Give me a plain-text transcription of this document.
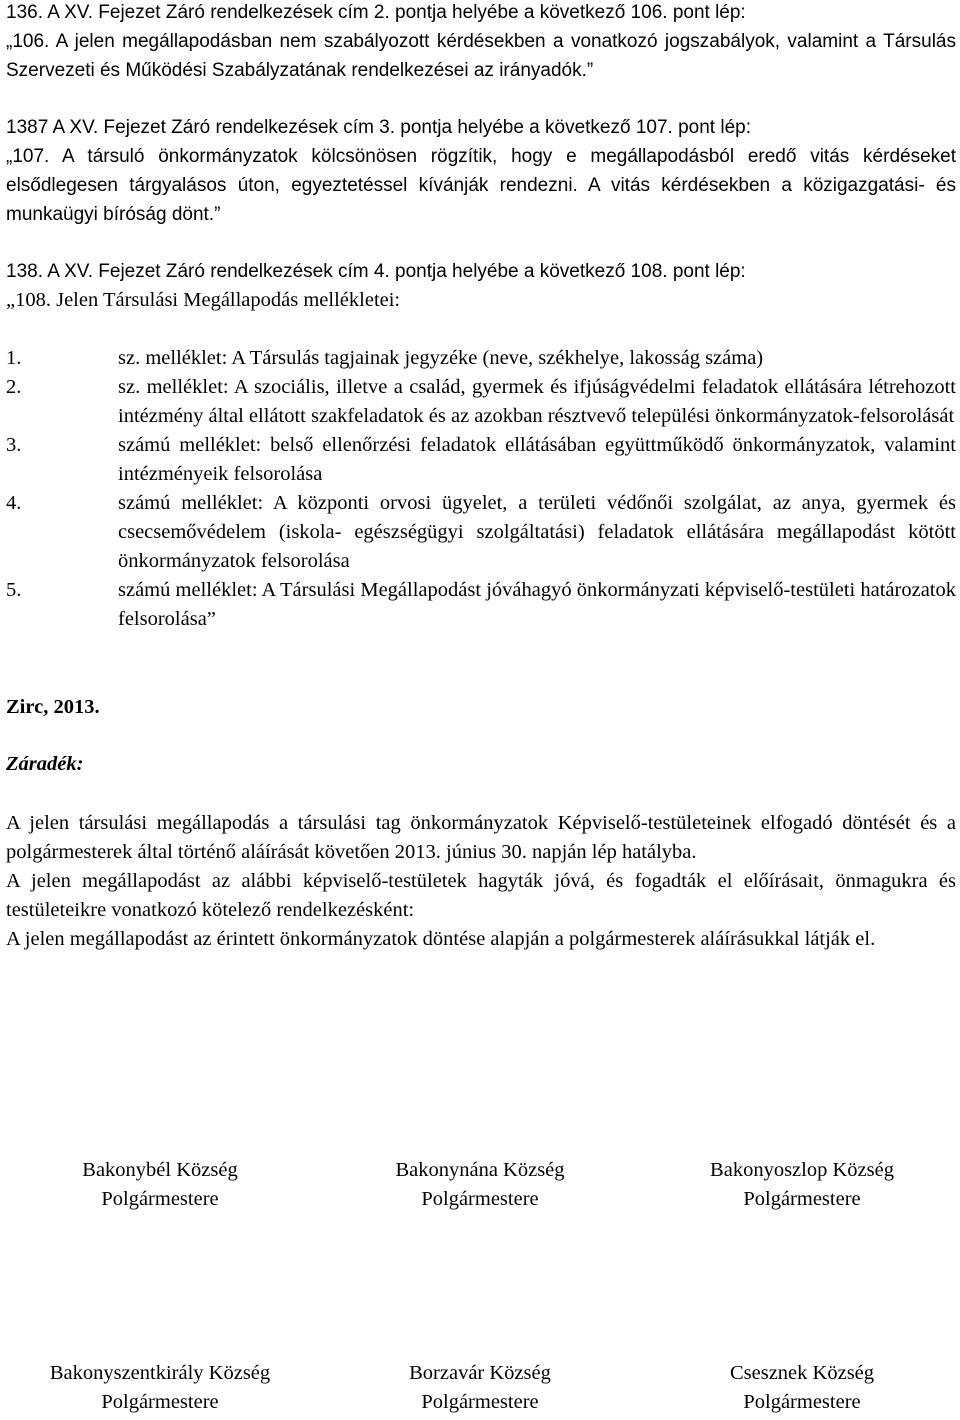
136. A XV. Fejezet Záró rendelkezések cím 2. pontja helyébe a következő 106. pont lép:

„106. A jelen megállapodásban nem szabályozott kérdésekben a vonatkozó jogszabályok, valamint a Társulás Szervezeti és Működési Szabályzatának rendelkezései az irányadók.”

1387 A XV. Fejezet Záró rendelkezések cím 3. pontja helyébe a következő 107. pont lép:

„107. A társuló önkormányzatok kölcsönösen rögzítik, hogy e megállapodásból eredő vitás kérdéseket elsődlegesen tárgyalásos úton, egyeztetéssel kívánják rendezni. A vitás kérdésekben a közigazgatási- és munkaügyi bíróság dönt.”

138. A XV. Fejezet Záró rendelkezések cím 4. pontja helyébe a következő 108. pont lép:

„108. Jelen Társulási Megállapodás mellékletei:

1.	sz. melléklet: A Társulás tagjainak jegyzéke (neve, székhelye, lakosság száma)
2.	sz. melléklet: A szociális, illetve a család, gyermek és ifjúságvédelmi feladatok ellátására létrehozott intézmény által ellátott szakfeladatok és az azokban résztvevő települési önkormányzatok-felsorolását
3.	számú melléklet: belső ellenőrzési feladatok ellátásában együttműködő önkormányzatok, valamint intézményeik felsorolása
4.	számú melléklet: A központi orvosi ügyelet, a területi védőnői szolgálat, az anya, gyermek és csecsemővédelem (iskola- egészségügyi szolgáltatási) feladatok ellátására megállapodást kötött önkormányzatok felsorolása
5.	számú melléklet: A Társulási Megállapodást jóváhagyó önkormányzati képviselő-testületi határozatok felsorolása”

Zirc, 2013.

Záradék:

A jelen társulási megállapodás a társulási tag önkormányzatok Képviselő-testületeinek elfogadó döntését és a polgármesterek által történő aláírását követően 2013. június 30. napján lép hatályba.

A jelen megállapodást az alábbi képviselő-testületek hagyták jóvá, és fogadták el előírásait, önmagukra és testületeikre vonatkozó kötelező rendelkezésként:

A jelen megállapodást az érintett önkormányzatok döntése alapján a polgármesterek aláírásukkal látják el.

Bakonybél Község
Polgármestere
Bakonynána Község
Polgármestere
Bakonyoszlop Község
Polgármestere
Bakonyszentkirály Község
Polgármestere
Borzavár Község
Polgármestere
Csesznek Község
Polgármestere
